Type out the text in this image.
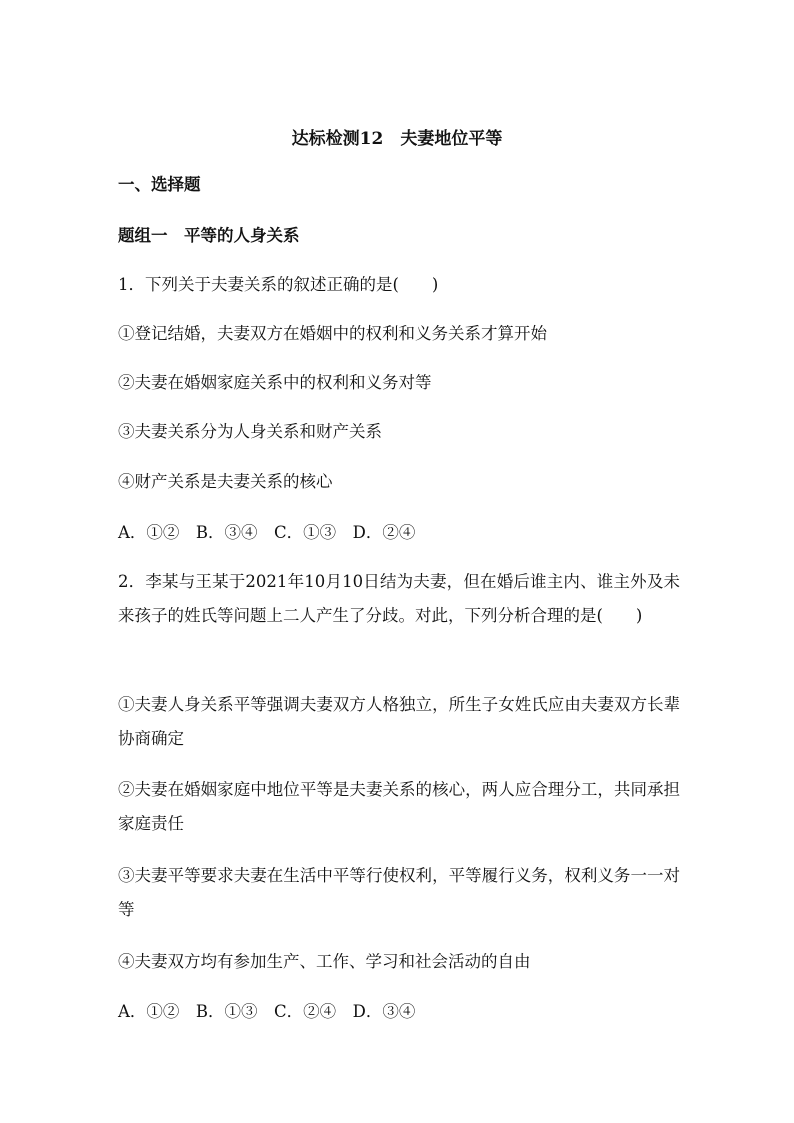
达标检测12　夫妻地位平等
一、选择题
题组一　平等的人身关系
1．下列关于夫妻关系的叙述正确的是(　　)
①登记结婚，夫妻双方在婚姻中的权利和义务关系才算开始
②夫妻在婚姻家庭关系中的权利和义务对等
③夫妻关系分为人身关系和财产关系
④财产关系是夫妻关系的核心
A．①②　B．③④　C．①③　D．②④
2．李某与王某于2021年10月10日结为夫妻，但在婚后谁主内、谁主外及未来孩子的姓氏等问题上二人产生了分歧。对此，下列分析合理的是(　　)
①夫妻人身关系平等强调夫妻双方人格独立，所生子女姓氏应由夫妻双方长辈协商确定
②夫妻在婚姻家庭中地位平等是夫妻关系的核心，两人应合理分工，共同承担家庭责任
③夫妻平等要求夫妻在生活中平等行使权利，平等履行义务，权利义务一一对等
④夫妻双方均有参加生产、工作、学习和社会活动的自由
A．①②　B．①③　C．②④　D．③④
